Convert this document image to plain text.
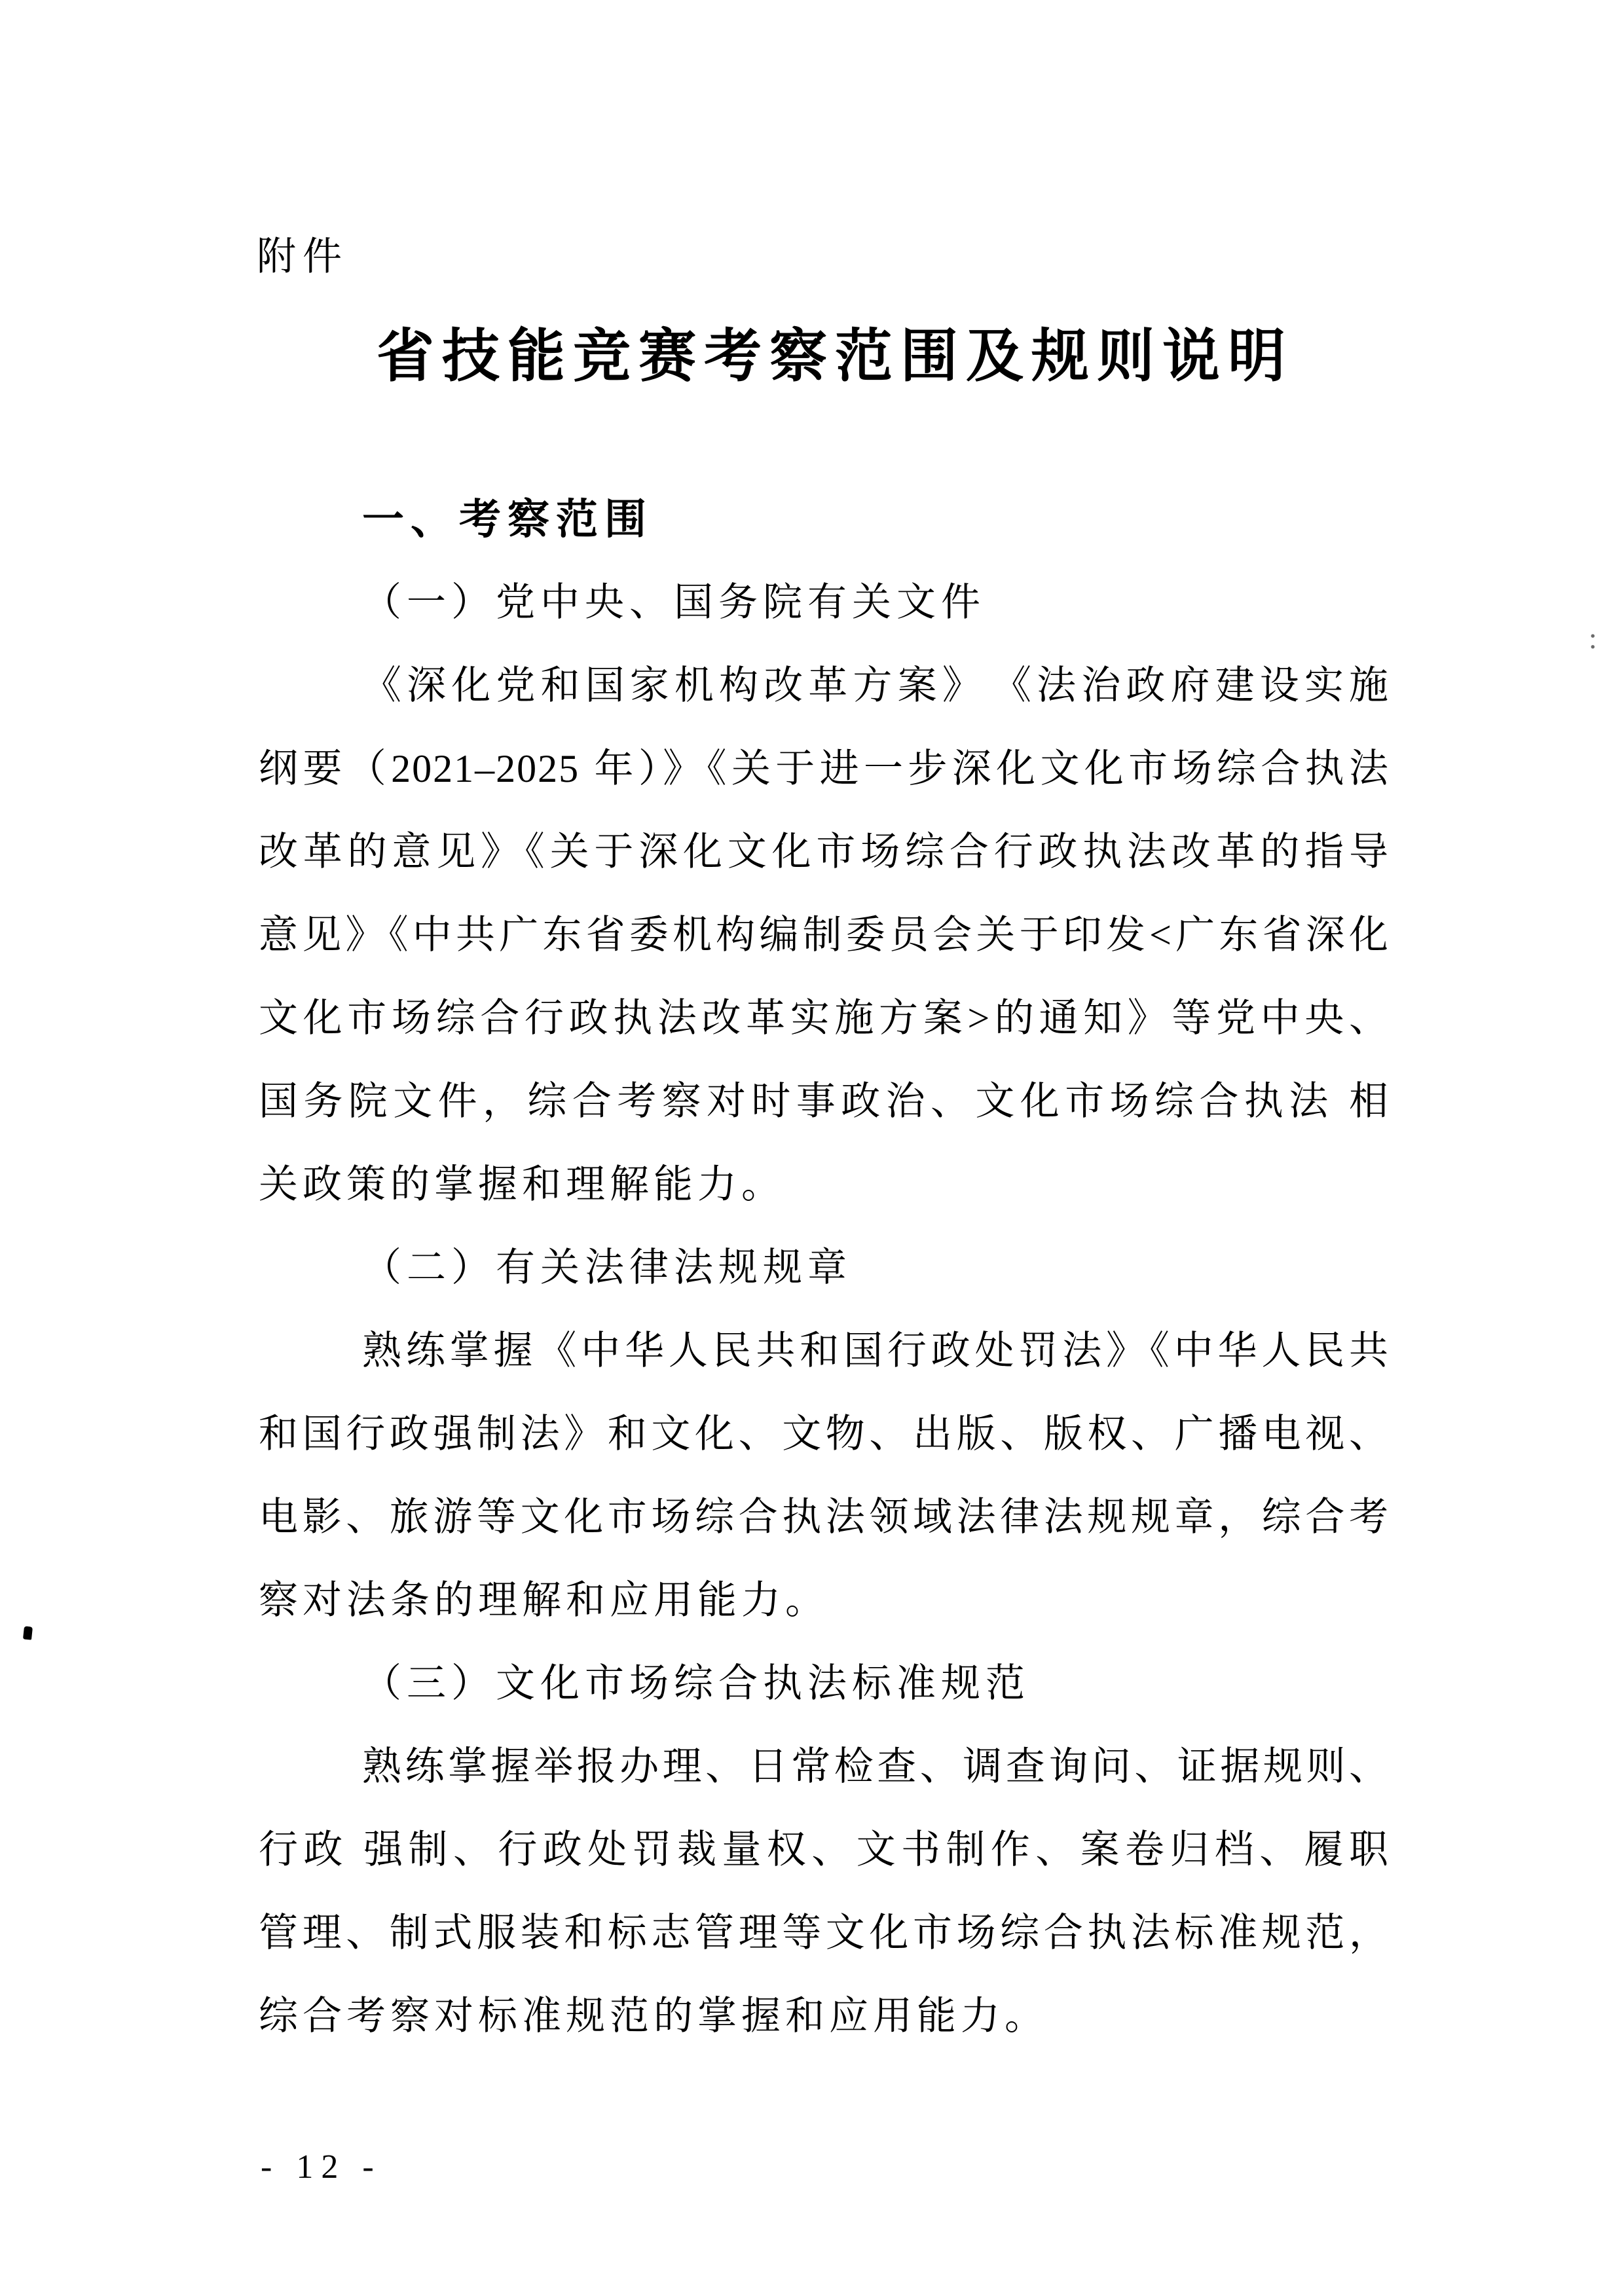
附件
省技能竞赛考察范围及规则说明
一、考察范围
（一）党中央、国务院有关文件
《深化党和国家机构改革方案》　《法治政府建设实施
纲要（2021–2025 年）》《关于进一步深化文化市场综合执法
改革的意见》《关于深化文化市场综合行政执法改革的指导
意见》《中共广东省委机构编制委员会关于印发<广东省深化
文化市场综合行政执法改革实施方案>的通知》等党中央、
国务院文件，综合考察对时事政治、文化市场综合执法 相
关政策的掌握和理解能力。
（二）有关法律法规规章
熟练掌握《中华人民共和国行政处罚法》《中华人民共
和国行政强制法》和文化、文物、出版、版权、广播电视、
电影、旅游等文化市场综合执法领域法律法规规章，综合考
察对法条的理解和应用能力。
（三）文化市场综合执法标准规范
熟练掌握举报办理、日常检查、调查询问、证据规则、
行政 强制、行政处罚裁量权、文书制作、案卷归档、履职
管理、制式服装和标志管理等文化市场综合执法标准规范，
综合考察对标准规范的掌握和应用能力。
- 12 -
:
